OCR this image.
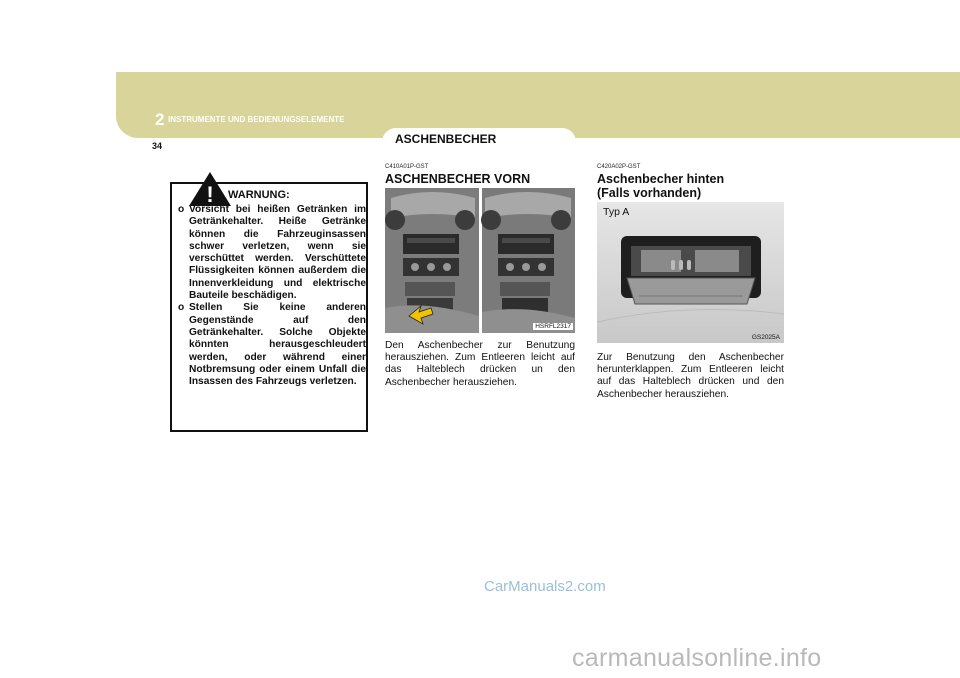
2 INSTRUMENTE UND BEDIENUNGSELEMENTE
34	ASCHENBECHER
! WARNUNG:
o Vorsicht bei heißen Getränken im Getränkehalter. Heiße Getränke können die Fahrzeuginsassen schwer verletzen, wenn sie verschüttet werden. Verschüttete Flüssigkeiten können außerdem die Innenverkleidung und elektrische Bauteile beschädigen.
o Stellen Sie keine anderen Gegenstände auf den Getränkehalter. Solche Objekte könnten herausgeschleudert werden, oder während einer Notbremsung oder einem Unfall die Insassen des Fahrzeugs verletzen.
C410A01P-GST
ASCHENBECHER VORN
HSRFL2317
Den Aschenbecher zur Benutzung herausziehen. Zum Entleeren leicht auf das Halteblech drücken un den Aschenbecher herausziehen.
C420A02P-GST
Aschenbecher hinten
(Falls vorhanden)
Typ A
GS2025A
Zur Benutzung den Aschenbecher herunterklappen. Zum Entleeren leicht auf das Halteblech drücken und den Aschenbecher herausziehen.
CarManuals2.com
carmanualsonline.info
